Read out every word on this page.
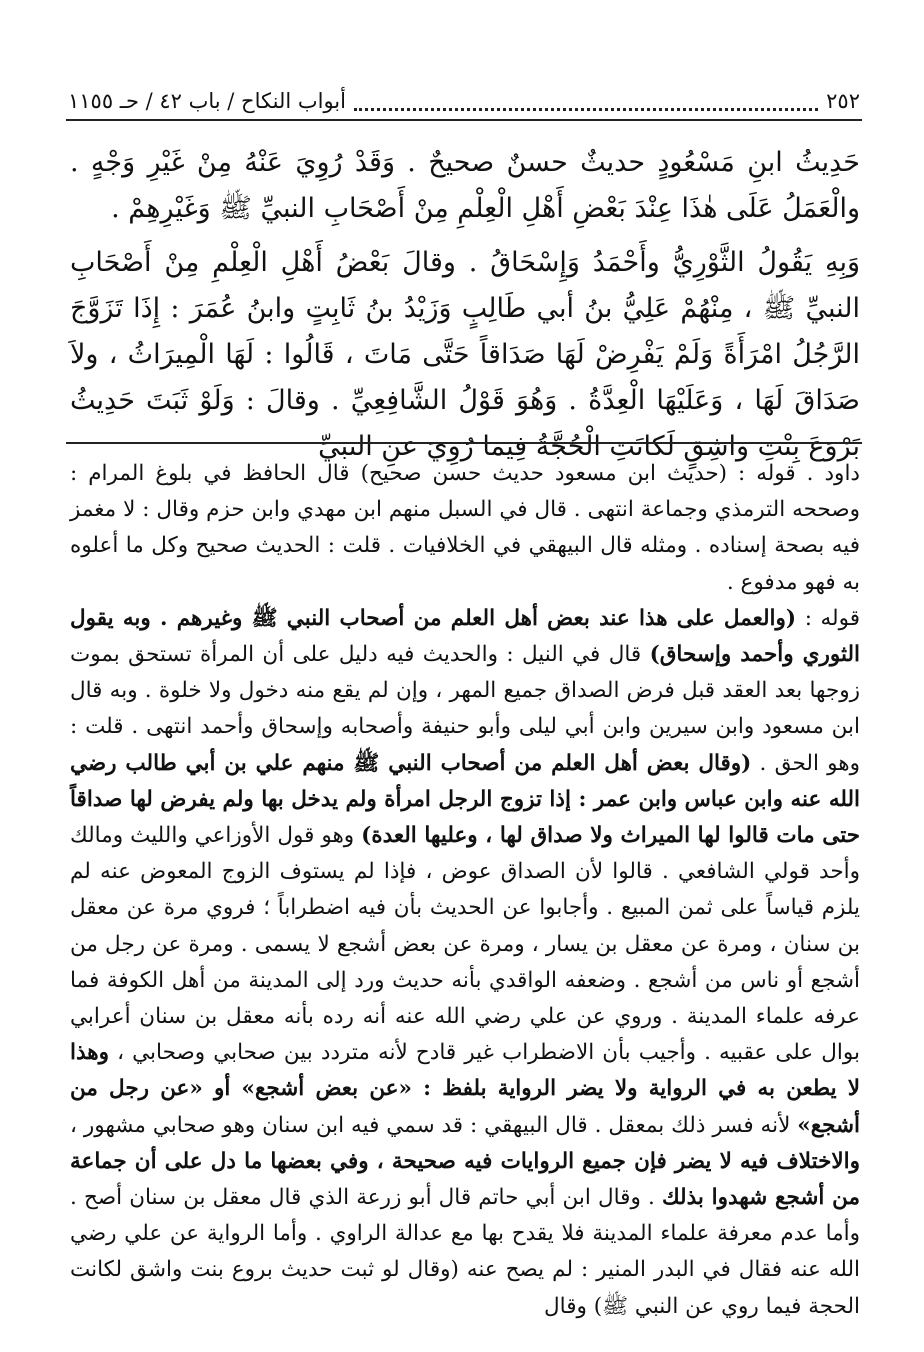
٢٥٢
أبواب النكاح / باب ٤٢ / حـ ١١٥٥

حَدِيثُ ابنِ مَسْعُودٍ حديثٌ حسنٌ صحيحٌ . وَقَدْ رُوِيَ عَنْهُ مِنْ غَيْرِ وَجْهٍ . والْعَمَلُ عَلَى هٰذَا عِنْدَ بَعْضِ أَهْلِ الْعِلْمِ مِنْ أَصْحَابِ النبيِّ ﷺ وَغَيْرِهِمْ .

وَبِهِ يَقُولُ الثَّوْرِيُّ وأَحْمَدُ وَإِسْحَاقُ . وقالَ بَعْضُ أَهْلِ الْعِلْمِ مِنْ أَصْحَابِ النبيِّ ﷺ ، مِنْهُمْ عَلِيُّ بنُ أبي طَالِبٍ وَزَيْدُ بنُ ثَابِتٍ وابنُ عُمَرَ : إِذَا تَزَوَّجَ الرَّجُلُ امْرَأَةً وَلَمْ يَفْرِضْ لَهَا صَدَاقاً حَتَّى مَاتَ ، قَالُوا : لَهَا الْمِيرَاثُ ، ولاَ صَدَاقَ لَهَا ، وَعَلَيْهَا الْعِدَّةُ . وَهُوَ قَوْلُ الشَّافِعِيِّ . وقالَ : وَلَوْ ثَبَتَ حَدِيثُ بَرْوَعَ بِنْتِ واشِقٍ لَكانَتِ الْحُجَّةُ فِيما رُوِيَ عنِ النبيِّ

داود . قوله : (حديث ابن مسعود حديث حسن صحيح) قال الحافظ في بلوغ المرام : وصححه الترمذي وجماعة انتهى . قال في السبل منهم ابن مهدي وابن حزم وقال : لا مغمز فيه بصحة إسناده . ومثله قال البيهقي في الخلافيات . قلت : الحديث صحيح وكل ما أعلوه به فهو مدفوع .

قوله : (والعمل على هذا عند بعض أهل العلم من أصحاب النبي ﷺ وغيرهم . وبه يقول الثوري وأحمد وإسحاق) قال في النيل : والحديث فيه دليل على أن المرأة تستحق بموت زوجها بعد العقد قبل فرض الصداق جميع المهر ، وإن لم يقع منه دخول ولا خلوة . وبه قال ابن مسعود وابن سيرين وابن أبي ليلى وأبو حنيفة وأصحابه وإسحاق وأحمد انتهى . قلت : وهو الحق . (وقال بعض أهل العلم من أصحاب النبي ﷺ منهم علي بن أبي طالب رضي الله عنه وابن عباس وابن عمر : إذا تزوج الرجل امرأة ولم يدخل بها ولم يفرض لها صداقاً حتى مات قالوا لها الميراث ولا صداق لها ، وعليها العدة) وهو قول الأوزاعي والليث ومالك وأحد قولي الشافعي . قالوا لأن الصداق عوض ، فإذا لم يستوف الزوج المعوض عنه لم يلزم قياساً على ثمن المبيع . وأجابوا عن الحديث بأن فيه اضطراباً ؛ فروي مرة عن معقل بن سنان ، ومرة عن معقل بن يسار ، ومرة عن بعض أشجع لا يسمى . ومرة عن رجل من أشجع أو ناس من أشجع . وضعفه الواقدي بأنه حديث ورد إلى المدينة من أهل الكوفة فما عرفه علماء المدينة . وروي عن علي رضي الله عنه أنه رده بأنه معقل بن سنان أعرابي بوال على عقبيه . وأجيب بأن الاضطراب غير قادح لأنه متردد بين صحابي وصحابي ، وهذا لا يطعن به في الرواية ولا يضر الرواية بلفظ : «عن بعض أشجع» أو «عن رجل من أشجع» لأنه فسر ذلك بمعقل . قال البيهقي : قد سمي فيه ابن سنان وهو صحابي مشهور ، والاختلاف فيه لا يضر فإن جميع الروايات فيه صحيحة ، وفي بعضها ما دل على أن جماعة من أشجع شهدوا بذلك . وقال ابن أبي حاتم قال أبو زرعة الذي قال معقل بن سنان أصح . وأما عدم معرفة علماء المدينة فلا يقدح بها مع عدالة الراوي . وأما الرواية عن علي رضي الله عنه فقال في البدر المنير : لم يصح عنه (وقال لو ثبت حديث بروع بنت واشق لكانت الحجة فيما روي عن النبي ﷺ) وقال
